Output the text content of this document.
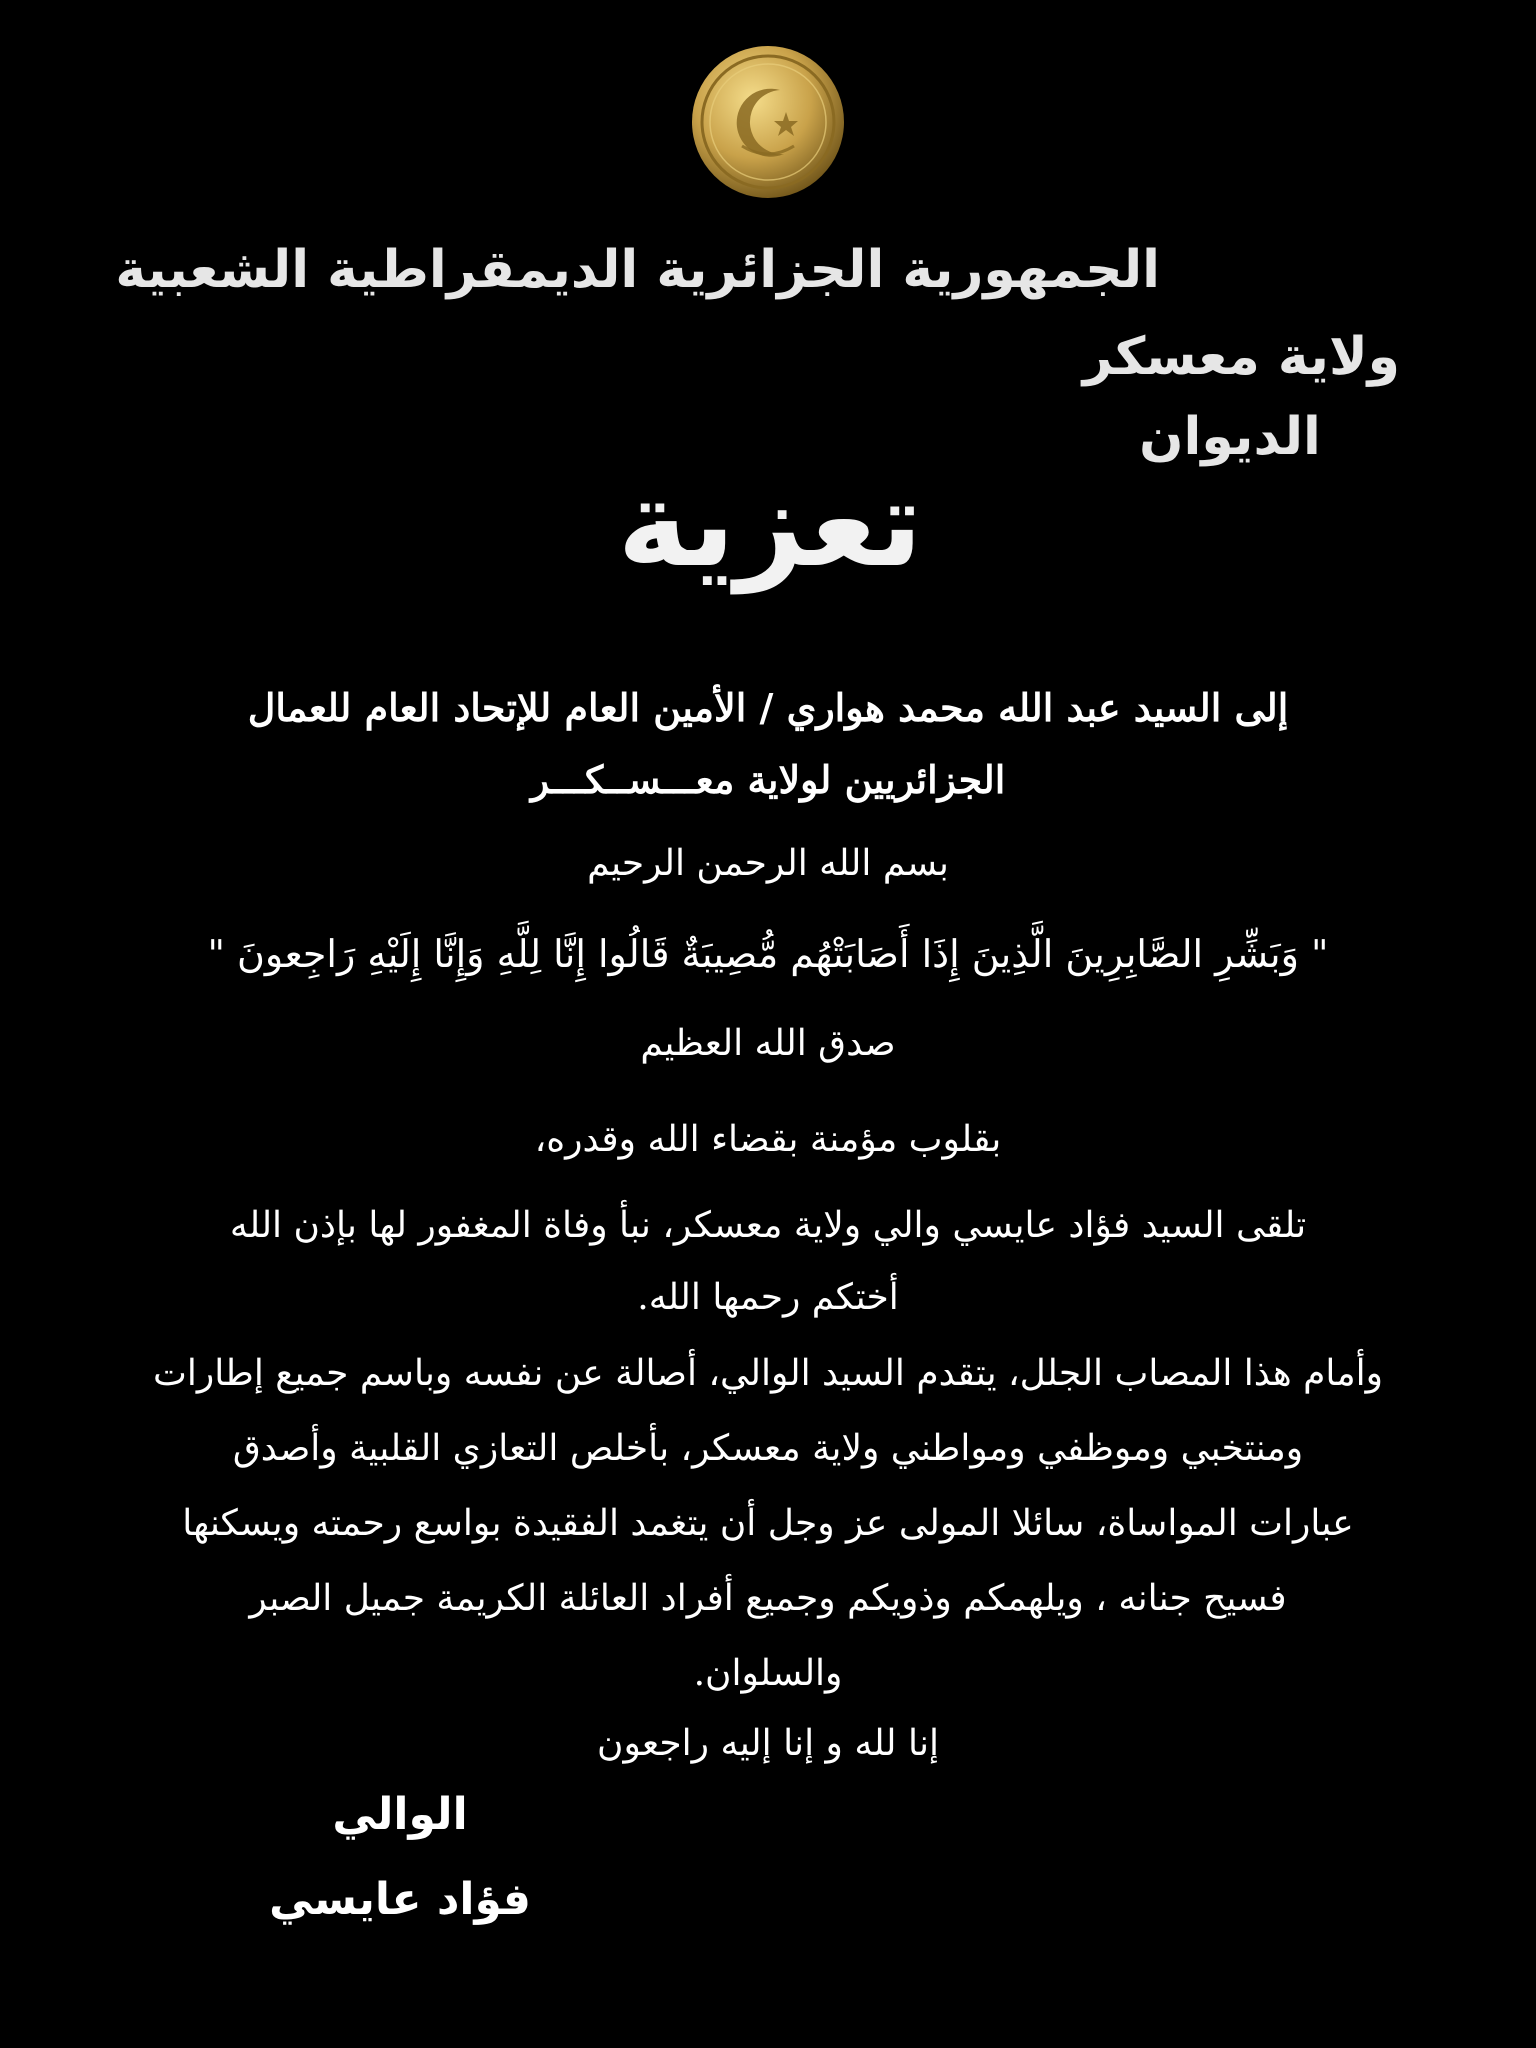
الجمهورية الجزائرية الديمقراطية الشعبية
ولاية معسكر
الديوان
تعزية
إلى السيد عبد الله محمد هواري / الأمين العام للإتحاد العام للعمال
الجزائريين لولاية معـــســكـــر
بسم الله الرحمن الرحيم
" وَبَشِّرِ الصَّابِرِينَ الَّذِينَ إِذَا أَصَابَتْهُم مُّصِيبَةٌ قَالُوا إِنَّا لِلَّهِ وَإِنَّا إِلَيْهِ رَاجِعونَ "
صدق الله العظيم
بقلوب مؤمنة بقضاء الله وقدره،
تلقى السيد فؤاد عايسي والي ولاية معسكر، نبأ وفاة المغفور لها بإذن الله
أختكم رحمها الله.
وأمام هذا المصاب الجلل، يتقدم السيد الوالي، أصالة عن نفسه وباسم جميع إطارات
ومنتخبي وموظفي ومواطني ولاية معسكر، بأخلص التعازي القلبية وأصدق
عبارات المواساة، سائلا المولى عز وجل أن يتغمد الفقيدة بواسع رحمته ويسكنها
فسيح جنانه ، ويلهمكم وذويكم وجميع أفراد العائلة الكريمة جميل الصبر
والسلوان.
إنا لله و إنا إليه راجعون
الوالي
فؤاد عايسي
